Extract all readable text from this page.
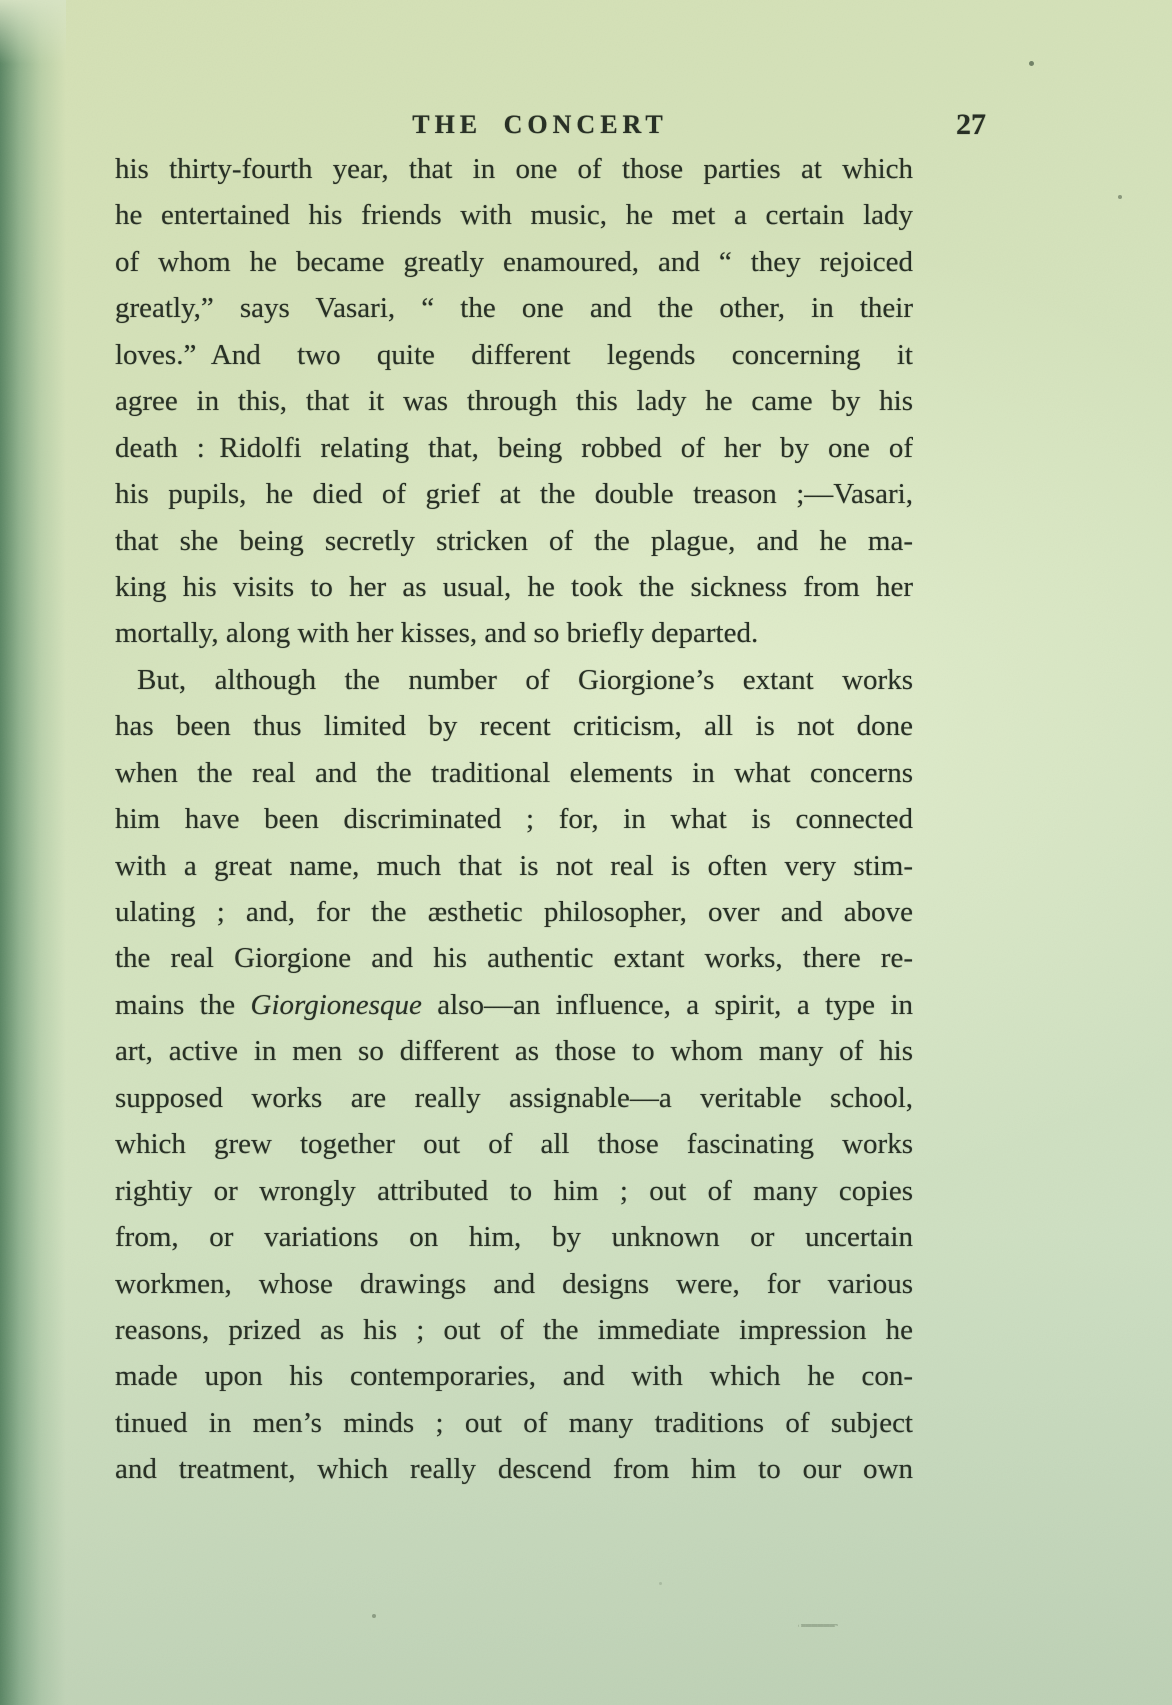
THE CONCERT	27
his thirty-fourth year, that in one of those parties at which
he entertained his friends with music, he met a certain lady
of whom he became greatly enamoured, and “ they rejoiced
greatly,” says Vasari, “ the one and the other, in their
loves.” And two quite different legends concerning it
agree in this, that it was through this lady he came by his
death : Ridolfi relating that, being robbed of her by one of
his pupils, he died of grief at the double treason ;—Vasari,
that she being secretly stricken of the plague, and he ma-
king his visits to her as usual, he took the sickness from her
mortally, along with her kisses, and so briefly departed.
But, although the number of Giorgione’s extant works
has been thus limited by recent criticism, all is not done
when the real and the traditional elements in what concerns
him have been discriminated ; for, in what is connected
with a great name, much that is not real is often very stim-
ulating ; and, for the æsthetic philosopher, over and above
the real Giorgione and his authentic extant works, there re-
mains the Giorgionesque also—an influence, a spirit, a type in
art, active in men so different as those to whom many of his
supposed works are really assignable—a veritable school,
which grew together out of all those fascinating works
rightiy or wrongly attributed to him ; out of many copies
from, or variations on him, by unknown or uncertain
workmen, whose drawings and designs were, for various
reasons, prized as his ; out of the immediate impression he
made upon his contemporaries, and with which he con-
tinued in men’s minds ; out of many traditions of subject
and treatment, which really descend from him to our own
